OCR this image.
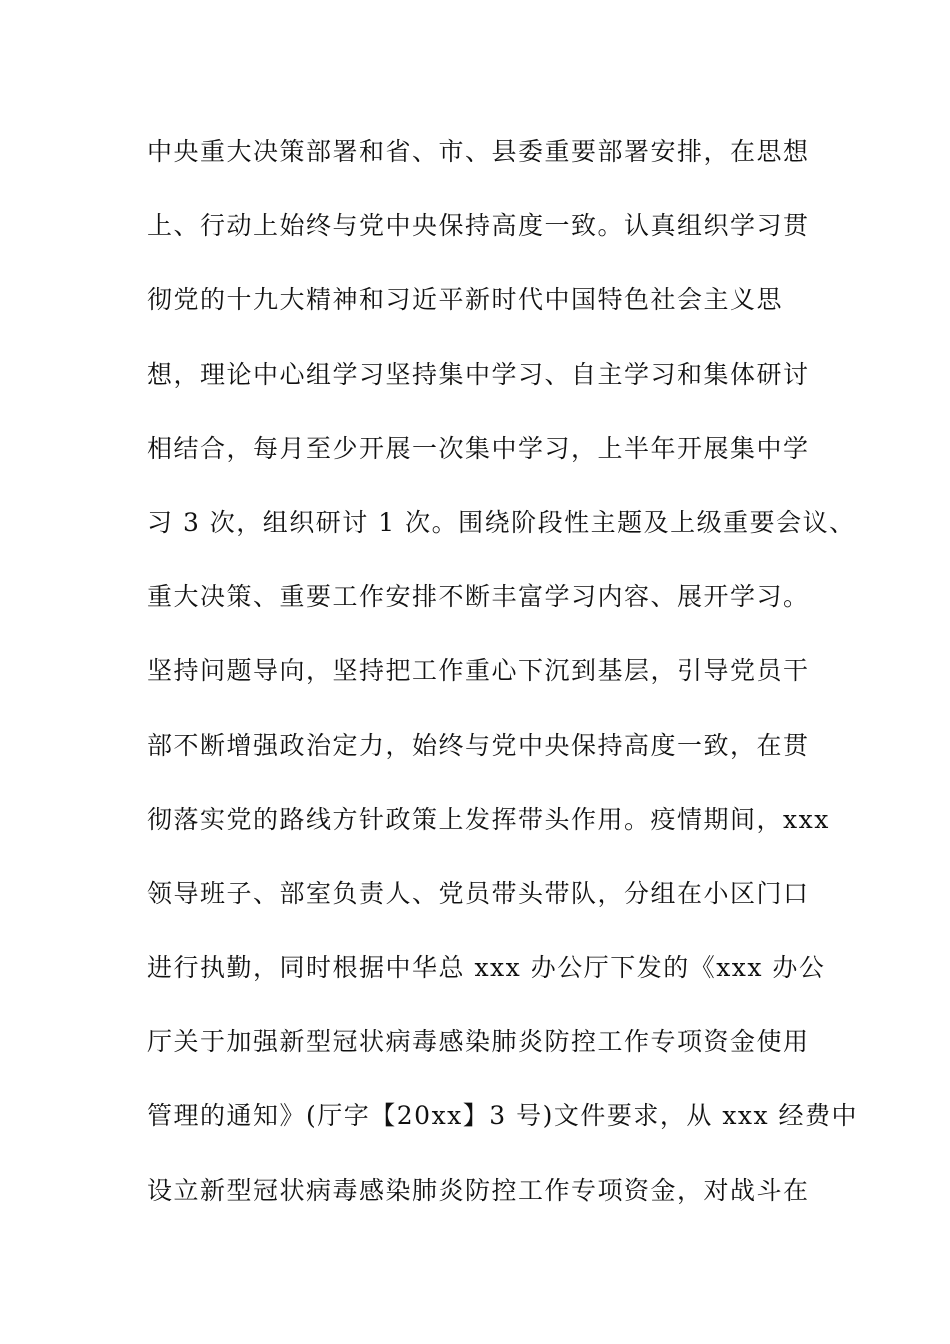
中央重大决策部署和省、市、县委重要部署安排，在思想
上、行动上始终与党中央保持高度一致。认真组织学习贯
彻党的十九大精神和习近平新时代中国特色社会主义思
想，理论中心组学习坚持集中学习、自主学习和集体研讨
相结合，每月至少开展一次集中学习，上半年开展集中学
习 3 次，组织研讨 1 次。围绕阶段性主题及上级重要会议、
重大决策、重要工作安排不断丰富学习内容、展开学习。
坚持问题导向，坚持把工作重心下沉到基层，引导党员干
部不断增强政治定力，始终与党中央保持高度一致，在贯
彻落实党的路线方针政策上发挥带头作用。疫情期间，xxx
领导班子、部室负责人、党员带头带队，分组在小区门口
进行执勤，同时根据中华总 xxx 办公厅下发的《xxx 办公
厅关于加强新型冠状病毒感染肺炎防控工作专项资金使用
管理的通知》(厅字【20xx】3 号)文件要求，从 xxx 经费中
设立新型冠状病毒感染肺炎防控工作专项资金，对战斗在
